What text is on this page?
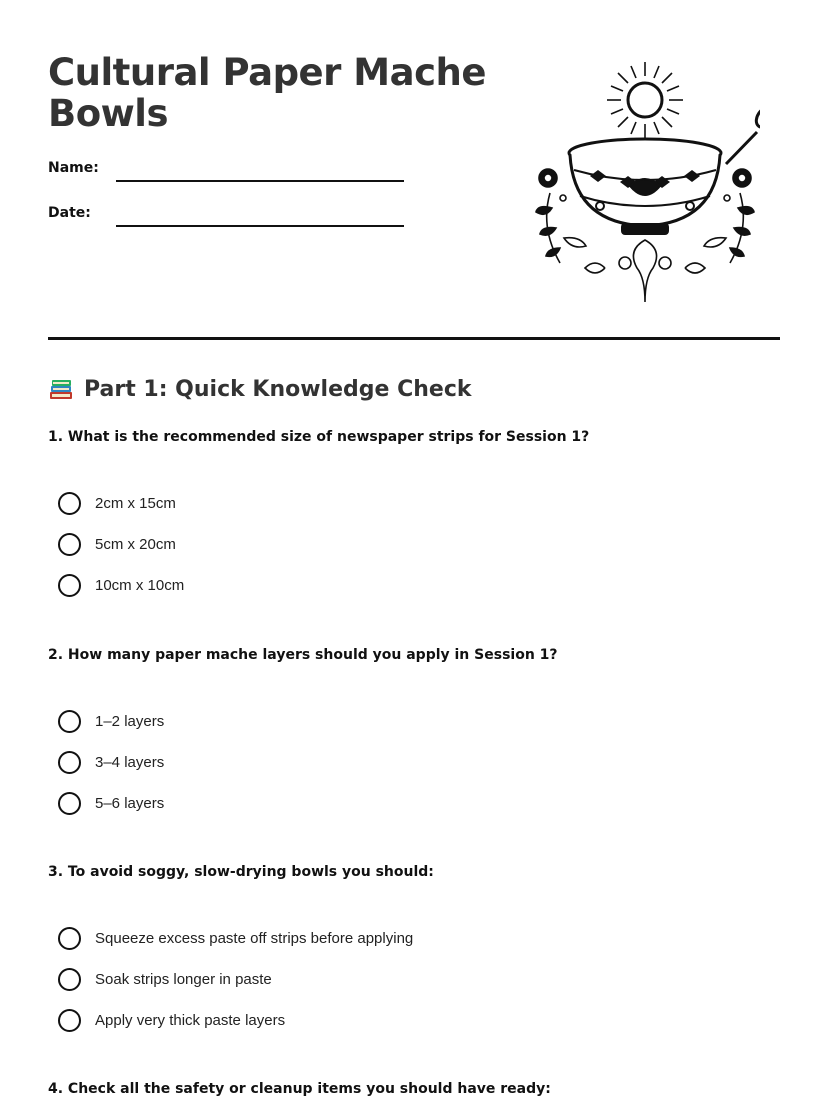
Cultural Paper Mache Bowls
Name:
Date:
Part 1: Quick Knowledge Check
1. What is the recommended size of newspaper strips for Session 1?
2cm x 15cm
5cm x 20cm
10cm x 10cm
2. How many paper mache layers should you apply in Session 1?
1–2 layers
3–4 layers
5–6 layers
3. To avoid soggy, slow-drying bowls you should:
Squeeze excess paste off strips before applying
Soak strips longer in paste
Apply very thick paste layers
4. Check all the safety or cleanup items you should have ready:
